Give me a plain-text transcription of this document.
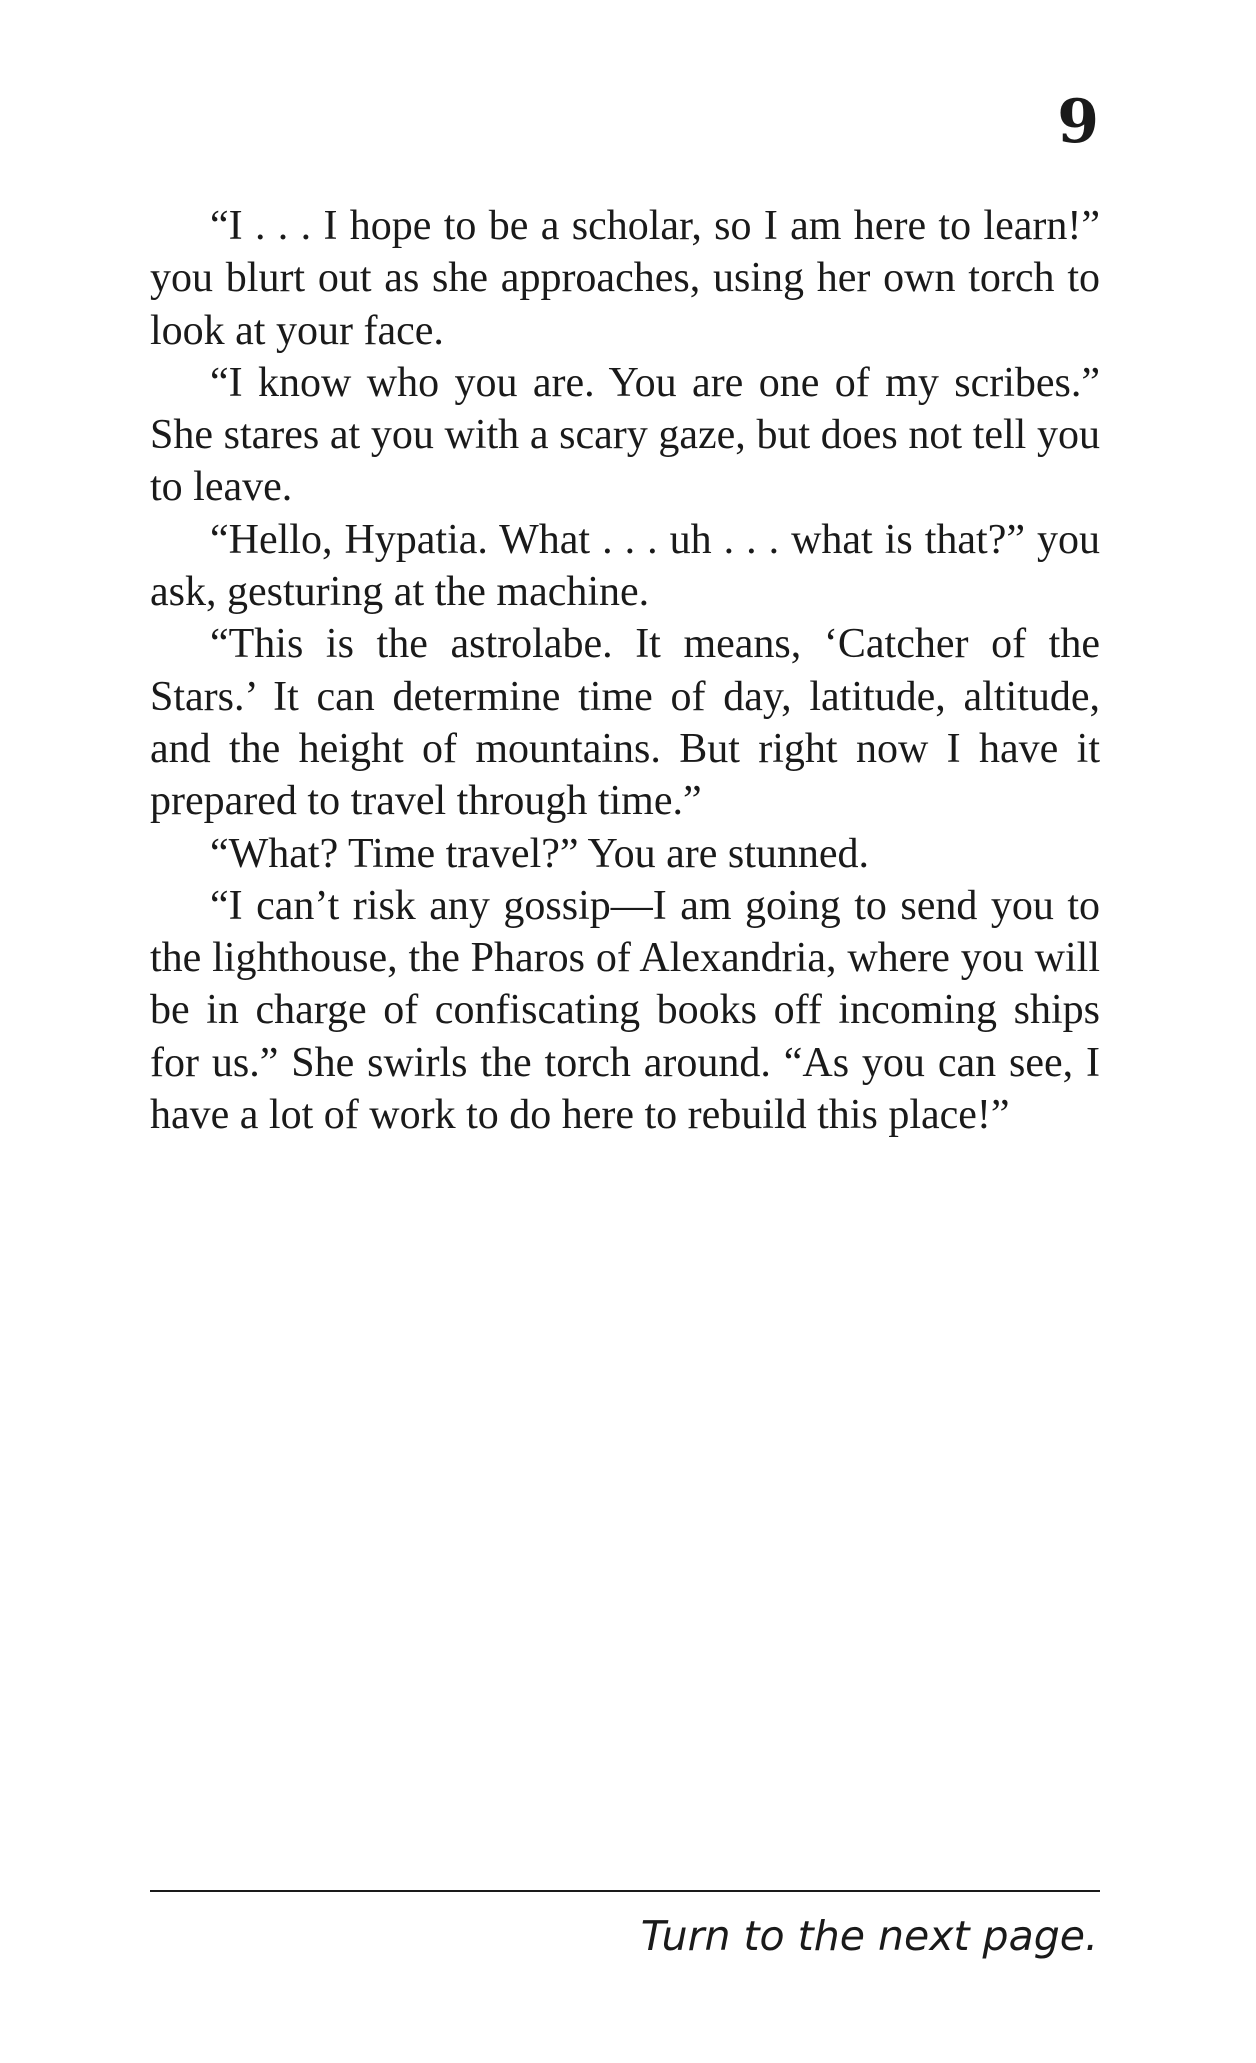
9

“I . . . I hope to be a scholar, so I am here to learn!” you blurt out as she approaches, using her own torch to look at your face.

“I know who you are. You are one of my scribes.” She stares at you with a scary gaze, but does not tell you to leave.

“Hello, Hypatia. What . . . uh . . . what is that?” you ask, gesturing at the machine.

“This is the astrolabe. It means, ‘Catcher of the Stars.’ It can determine time of day, latitude, altitude, and the height of mountains. But right now I have it prepared to travel through time.”

“What? Time travel?” You are stunned.

“I can’t risk any gossip—I am going to send you to the lighthouse, the Pharos of Alexandria, where you will be in charge of confiscating books off incoming ships for us.” She swirls the torch around. “As you can see, I have a lot of work to do here to rebuild this place!”

Turn to the next page.
